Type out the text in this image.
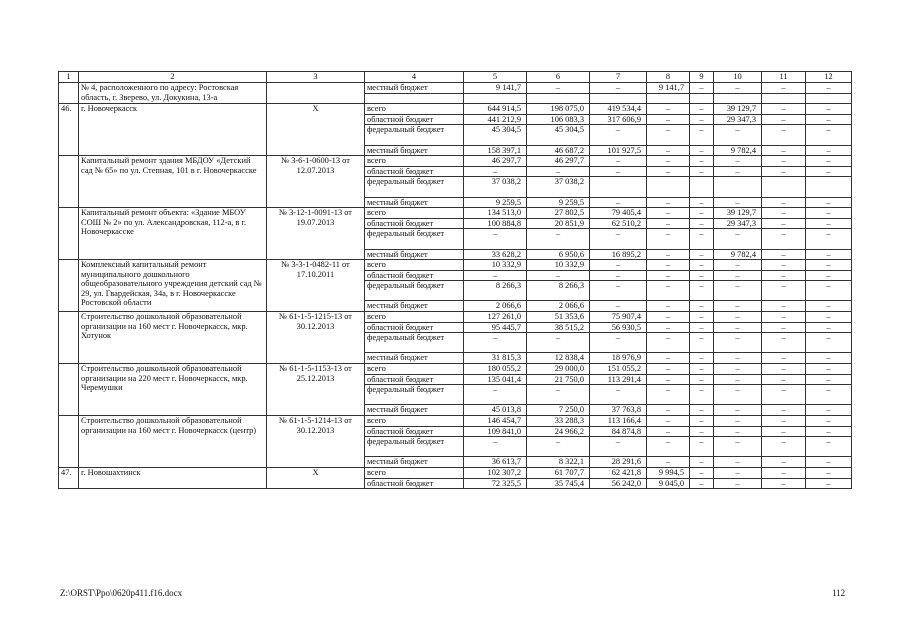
1	2	3	4	5	6	7	8	9	10	11	12
	№ 4, расположенного по адресу: Ростовская область, г. Зверево, ул. Докукина, 13-а		местный бюджет	9 141,7	–	–	9 141,7	–	–	–	–

46.	г. Новочеркасск	Х	всего	644 914,5	198 075,0	419 534,4	–	–	39 129,7	–	–
			областной бюджет	441 212,9	106 083,3	317 606,9	–	–	29 347,3	–	–
			федеральный бюджет	45 304,5	45 304,5	–	–	–	–	–	–
			местный бюджет	158 397,1	46 687,2	101 927,5	–	–	9 782,4	–	–
	Капитальный ремонт здания МБДОУ «Детский сад № 65» по ул. Степная, 101 в г. Новочеркасске	№ 3-6-1-0600-13 от 12.07.2013	всего	46 297,7	46 297,7	–	–	–	–	–	–
			областной бюджет	–	–	–	–	–	–	–	–
			федеральный бюджет	37 038,2	37 038,2						
			местный бюджет	9 259,5	9 259,5	–	–	–	–	–	–
	Капитальный ремонт объекта: «Здание МБОУ СОШ № 2» по ул. Александровская, 112-а, в г. Новочеркасске	№ 3-12-1-0091-13 от 19.07.2013	всего	134 513,0	27 802,5	79 405,4	–	–	39 129,7	–	–
			областной бюджет	100 884,8	20 851,9	62 510,2	–	–	29 347,3	–	–
			федеральный бюджет	–	–	–	–	–	–	–	–
			местный бюджет	33 628,2	6 950,6	16 895,2	–	–	9 782,4	–	–
	Комплексный капитальный ремонт муниципального дошкольного общеобразовательного учреждения детский сад № 29, ул. Гвардейская, 34а, в г. Новочеркасске Ростовской области	№ 3-3-1-0482-11 от 17.10.2011	всего	10 332,9	10 332,9	–	–	–	–	–	–
			областной бюджет	–	–	–	–	–	–	–	–
			федеральный бюджет	8 266,3	8 266,3	–	–	–	–	–	–
			местный бюджет	2 066,6	2 066,6	–	–	–	–	–	–
	Строительство дошкольной образовательной организации на 160 мест г. Новочеркасск, мкр. Хотунок	№ 61-1-5-1215-13 от 30.12.2013	всего	127 261,0	51 353,6	75 907,4	–	–	–	–	–
			областной бюджет	95 445,7	38 515,2	56 930,5	–	–	–	–	–
			федеральный бюджет	–	–	–	–	–	–	–	–
			местный бюджет	31 815,3	12 838,4	18 976,9	–	–	–	–	–
	Строительство дошкольной образовательной организации на 220 мест г. Новочеркасск, мкр. Черемушки	№ 61-1-5-1153-13 от 25.12.2013	всего	180 055,2	29 000,0	151 055,2	–	–	–	–	–
			областной бюджет	135 041,4	21 750,0	113 291,4	–	–	–	–	–
			федеральный бюджет	–	–	–	–	–	–	–	–
			местный бюджет	45 013,8	7 250,0	37 763,8	–	–	–	–	–
	Строительство дошкольной образовательной организации на 160 мест г. Новочеркасск (центр)	№ 61-1-5-1214-13 от 30.12.2013	всего	146 454,7	33 288,3	113 166,4	–	–	–	–	–
			областной бюджет	109 841,0	24 966,2	84 874,8	–	–	–	–	–
			федеральный бюджет	–	–	–	–	–	–	–	–
			местный бюджет	36 613,7	8 322,1	28 291,6	–	–	–	–	–
47.	г. Новошахтинск	Х	всего	102 307,2	61 707,7	62 421,8	9 994,5	–	–	–	–
			областной бюджет	72 325,5	35 745,4	56 242,0	9 045,0	–	–	–	–
Z:\ORST\Ppo\0620p411.f16.docx	112
